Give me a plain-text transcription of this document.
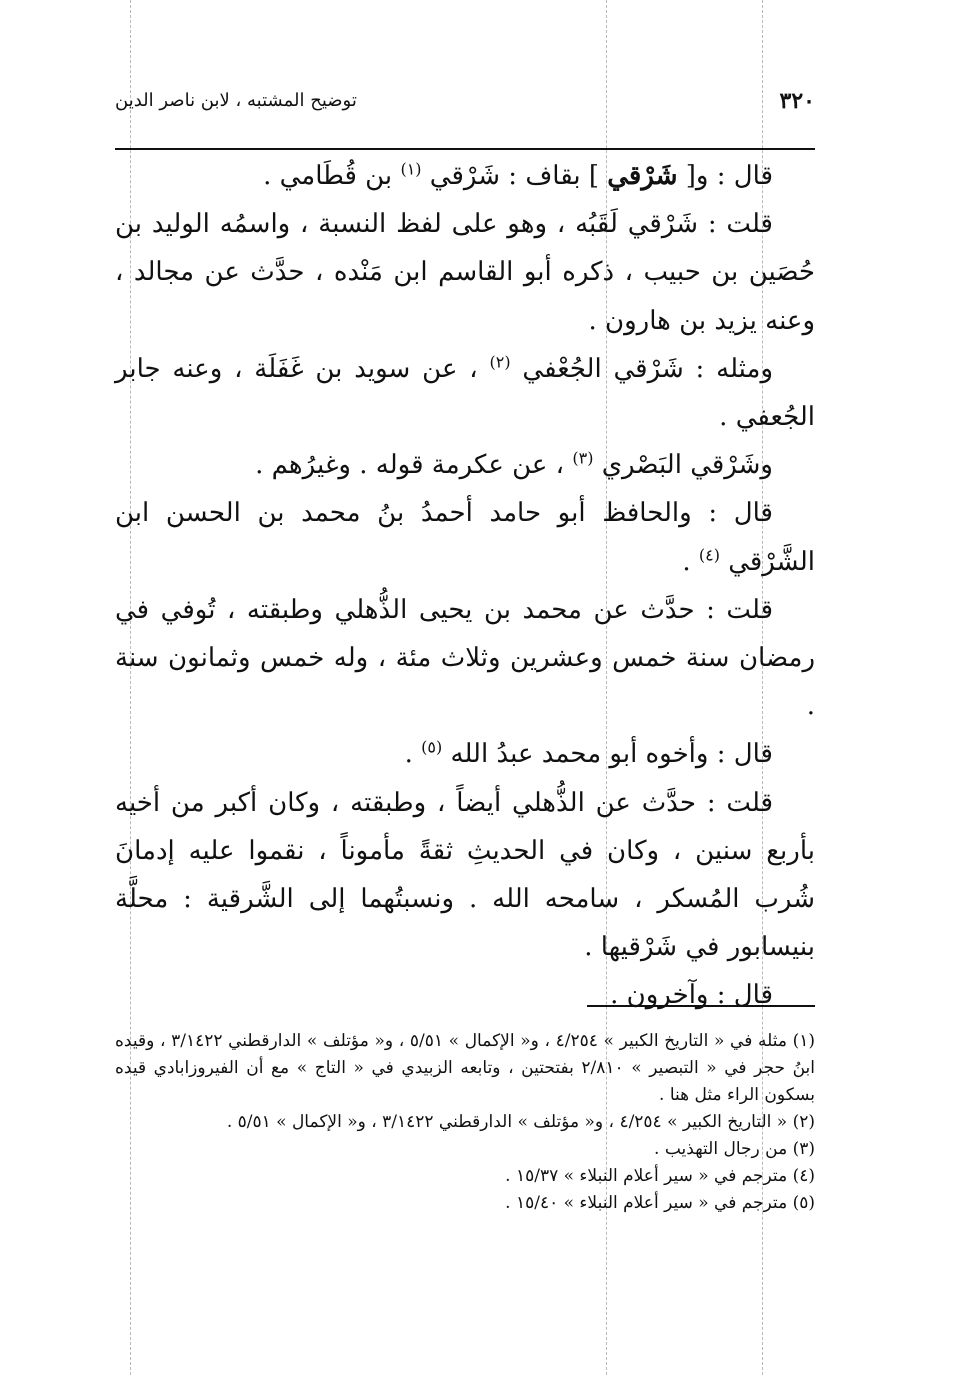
٣٢٠
توضيح المشتبه ، لابن ناصر الدين

قال : و[ شَرْقي ] بقاف : شَرْقي $^{(١)}$ بن قُطَامي .

قلت : شَرْقي لَقَبُه ، وهو على لفظ النسبة ، واسمُه الوليد بن حُصَين بن حبيب ، ذكره أبو القاسم ابن مَنْده ، حدَّث عن مجالد ، وعنه يزيد بن هارون .

ومثله : شَرْقي الجُعْفي $^{(٢)}$ ، عن سويد بن غَفَلَة ، وعنه جابر الجُعفي .

وشَرْقي البَصْري $^{(٣)}$ ، عن عكرمة قوله . وغيرُهم .

قال : والحافظ أبو حامد أحمدُ بنُ محمد بن الحسن ابن الشَّرْقي $^{(٤)}$ .

قلت : حدَّث عن محمد بن يحيى الذُّهلي وطبقته ، تُوفي في رمضان سنة خمس وعشرين وثلاث مئة ، وله خمس وثمانون سنة .

قال : وأخوه أبو محمد عبدُ الله $^{(٥)}$ .

قلت : حدَّث عن الذُّهلي أيضاً ، وطبقته ، وكان أكبر من أخيه بأربع سنين ، وكان في الحديثِ ثقةً مأموناً ، نقموا عليه إدمانَ شُرب المُسكر ، سامحه الله . ونسبتُهما إلى الشَّرقية : محلَّة بنيسابور في شَرْقيها .

قال : وآخرون .

(١) مثله في « التاريخ الكبير » ٤/٢٥٤ ، و« الإكمال » ٥/٥١ ، و« مؤتلف » الدارقطني ٣/١٤٢٢ ، وقيده ابنُ حجر في « التبصير » ٢/٨١٠ بفتحتين ، وتابعه الزبيدي في « التاج » مع أن الفيروزابادي قيده بسكون الراء مثل هنا .

(٢) « التاريخ الكبير » ٤/٢٥٤ ، و« مؤتلف » الدارقطني ٣/١٤٢٢ ، و« الإكمال » ٥/٥١ .

(٣) من رجال التهذيب .

(٤) مترجم في « سير أعلام النبلاء » ١٥/٣٧ .

(٥) مترجم في « سير أعلام النبلاء » ١٥/٤٠ .
